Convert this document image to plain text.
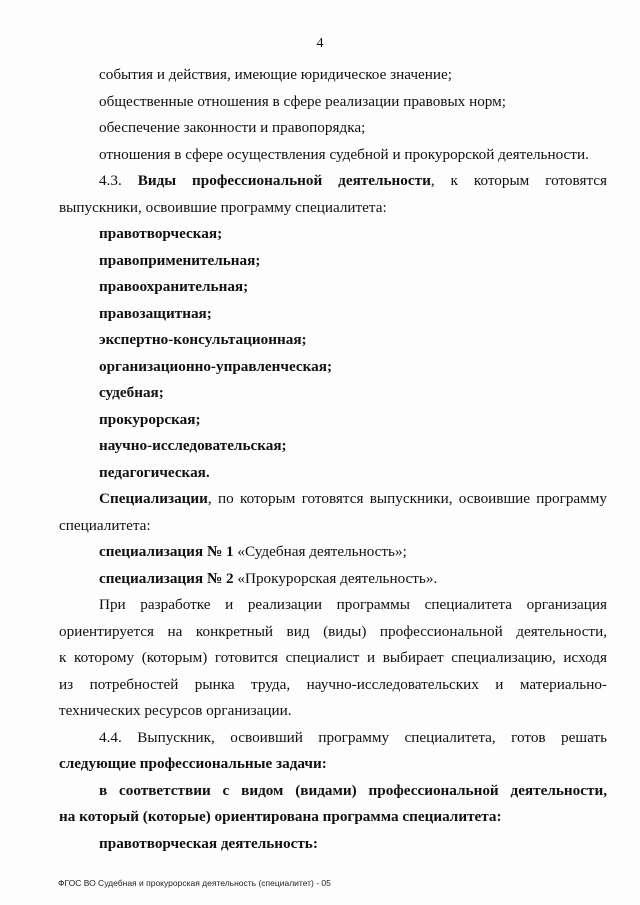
4
события и действия, имеющие юридическое значение;
общественные отношения в сфере реализации правовых норм;
обеспечение законности и правопорядка;
отношения в сфере осуществления судебной и прокурорской деятельности.
4.3. Виды профессиональной деятельности, к которым готовятся
выпускники, освоившие программу специалитета:
правотворческая;
правоприменительная;
правоохранительная;
правозащитная;
экспертно-консультационная;
организационно-управленческая;
судебная;
прокурорская;
научно-исследовательская;
педагогическая.
Специализации, по которым готовятся выпускники, освоившие программу
специалитета:
специализация № 1 «Судебная деятельность»;
специализация № 2 «Прокурорская деятельность».
При разработке и реализации программы специалитета организация
ориентируется на конкретный вид (виды) профессиональной деятельности,
к которому (которым) готовится специалист и выбирает специализацию, исходя
из потребностей рынка труда, научно-исследовательских и материально-
технических ресурсов организации.
4.4. Выпускник, освоивший программу специалитета, готов решать
следующие профессиональные задачи:
в соответствии с видом (видами) профессиональной деятельности,
на который (которые) ориентирована программа специалитета:
правотворческая деятельность:
ФГОС ВО Судебная и прокурорская деятельность (специалитет) - 05
